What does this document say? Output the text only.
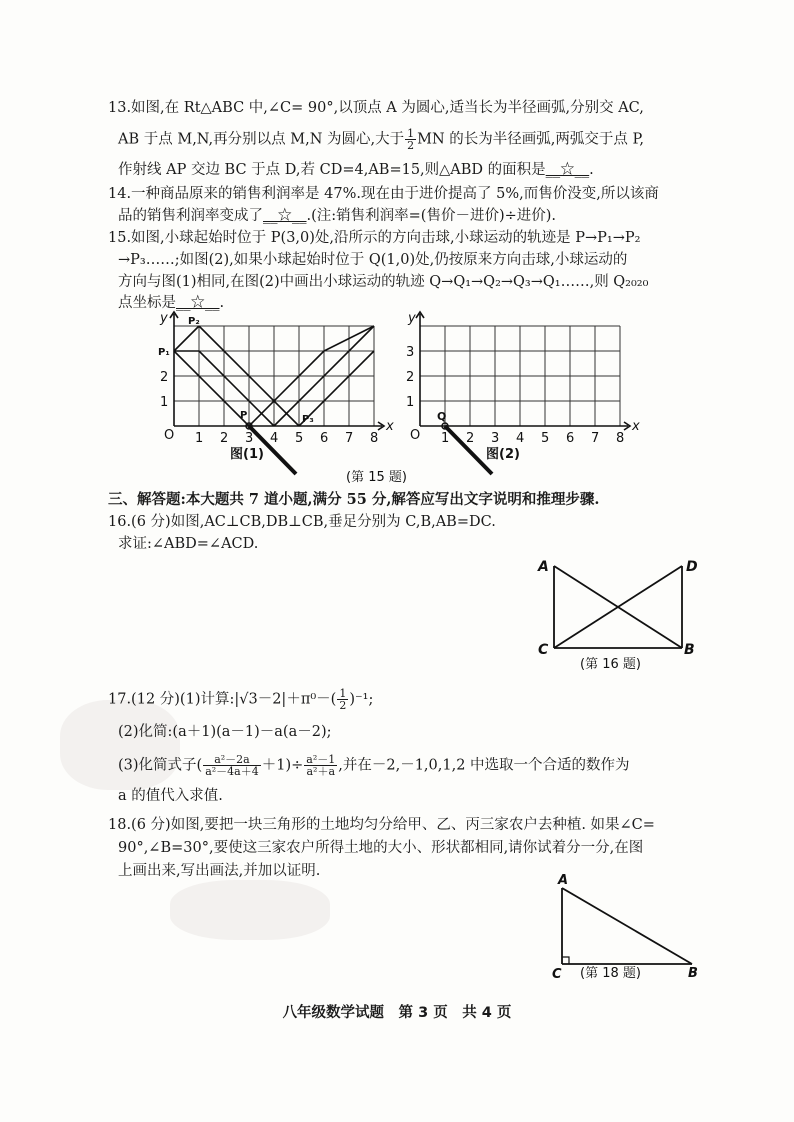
13.如图,在 Rt△ABC 中,∠C= 90°,以顶点 A 为圆心,适当长为半径画弧,分别交 AC,
AB 于点 M,N,再分别以点 M,N 为圆心,大于 $\frac{1}{2}$ MN 的长为半径画弧,两弧交于点 P,
作射线 AP 交边 BC 于点 D,若 CD=4,AB=15,则△ABD 的面积是__☆__.
14.一种商品原来的销售利润率是 47%.现在由于进价提高了 5%,而售价没变,所以该商
品的销售利润率变成了__☆__.(注:销售利润率=(售价－进价)÷进价).
15.如图,小球起始时位于 P(3,0)处,沿所示的方向击球,小球运动的轨迹是 P→P₁→P₂
→P₃……;如图(2),如果小球起始时位于 Q(1,0)处,仍按原来方向击球,小球运动的
方向与图(1)相同,在图(2)中画出小球运动的轨迹 Q→Q₁→Q₂→Q₃→Q₁……,则 Q₂₀₂₀
点坐标是__☆__.
O
x
y
1 2 3 4 5 6 7 8
1
2
P₂
P₁
P	P₃
图(1)
O
x
y
1 2 3 4 5 6 7 8
1
2
3
Q
图(2)
(第 15 题)
三、解答题:本大题共 7 道小题,满分 55 分,解答应写出文字说明和推理步骤.
16.(6 分)如图,AC⊥CB,DB⊥CB,垂足分别为 C,B,AB=DC.
求证:∠ABD=∠ACD.
A	D
C	B
(第 16 题)
17.(12 分)(1)计算:|√3－2|＋π⁰－( $\frac{1}{2} )^{-1}$;
(2)化简:(a＋1)(a－1)－a(a－2);
(3)化简式子( $\frac{\text{a²－2a}}{\text{a²－4a＋4}} +1)\div \frac{\text{a²－1}}{\text{a²＋a}}$ ,并在－2,－1,0,1,2 中选取一个合适的数作为
a 的值代入求值.
18.(6 分)如图,要把一块三角形的土地均匀分给甲、乙、丙三家农户去种植. 如果∠C=
90°,∠B=30°,要使这三家农户所得土地的大小、形状都相同,请你试着分一分,在图
上画出来,写出画法,并加以证明.
A
C	B
(第 18 题)
八年级数学试题　第 3 页　共 4 页
